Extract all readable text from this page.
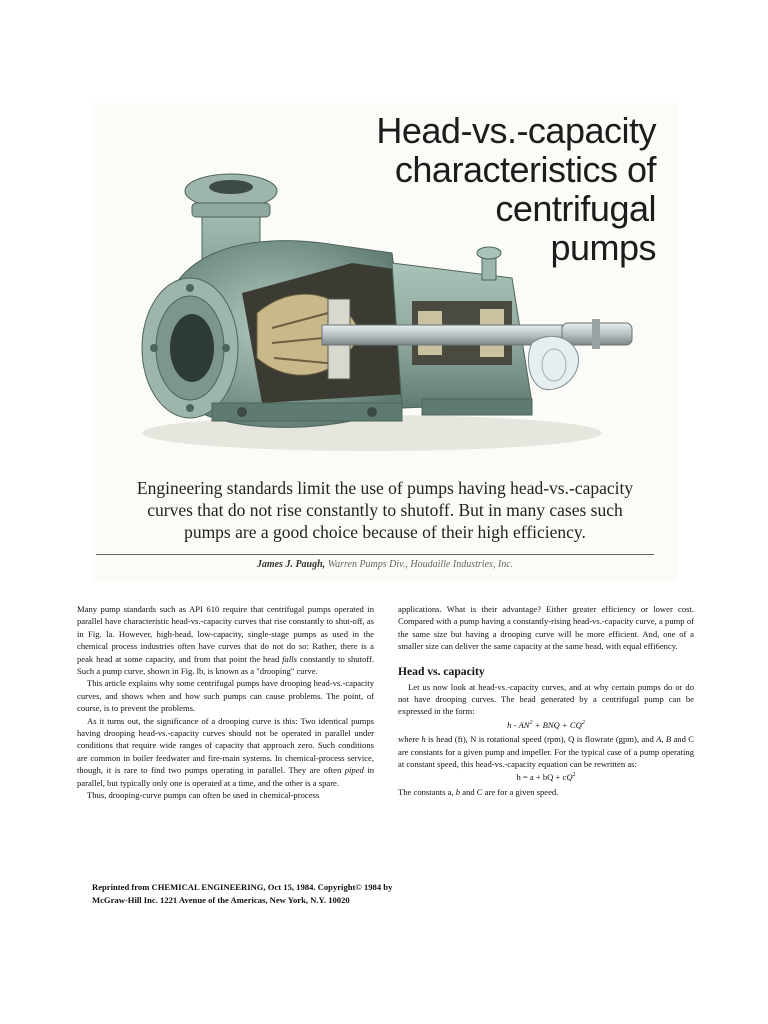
Head-vs.-capacity
characteristics of
centrifugal
pumps
Engineering standards limit the use of pumps having head-vs.-capacity
curves that do not rise constantly to shutoff. But in many cases such
pumps are a good choice because of their high efficiency.
James J. Paugh, Warren Pumps Div., Houdaille Industries, Inc.

Many pump standards such as API 610 require that centrifugal pumps operated in parallel have characteristic head-vs.-capacity curves that rise constantly to shut-off, as in Fig. la. However, high-head, low-capacity, single-stage pumps as used in the chemical process industries often have curves that do not do so: Rather, there is a peak head at some capacity, and from that point the head falls constantly to shutoff. Such a pump curve, shown in Fig. lb, is known as a "drooping" curve.

This article explains why some centrifugal pumps have drooping head-vs.-capacity curves, and shows when and how such pumps can cause problems. The point, of course, is to prevent the problems.

As it turns out, the significance of a drooping curve is this: Two identical pumps having drooping head-vs.-capacity curves should not be operated in parallel under conditions that require wide ranges of capacity that approach zero. Such conditions are common in boiler feedwater and fire-main systems. In chemical-process service, though, it is rare to find two pumps operating in parallel. They are often piped in parallel, but typically only one is operated at a time, and the other is a spare.

Thus, drooping-curve pumps can often be used in chemical-process

applications. What is their advantage? Either greater efficiency or lower cost. Compared with a pump having a constantly-rising head-vs.-capacity curve, a pump of the same size but having a drooping curve will be more efficient. And, one of a smaller size can deliver the same capacity at the same head, with equal effi6ency.

Head vs. capacity

Let us now look at head-vs.-capacity curves, and at why certain pumps do or do not have drooping curves. The head generated by a centrifugal pump can be expressed in the form:

h - $AN^2$ + BNQ + $CQ^2$

where h is head (ft), N is rotational speed (rpm), Q is flowrate (gpm), and A, B and C are constants for a given pump and impeller. For the typical case of a pump operating at constant speed, this head-vs.-capacity equation can be rewritten as:

h = a + bQ + $cQ^2$

The constants a, b and C are for a given speed.

Reprinted from CHEMICAL ENGINEERING, Oct 15, 1984. Copyright© 1984 by
McGraw-Hill Inc. 1221 Avenue of the Americas, New York, N.Y. 10020
